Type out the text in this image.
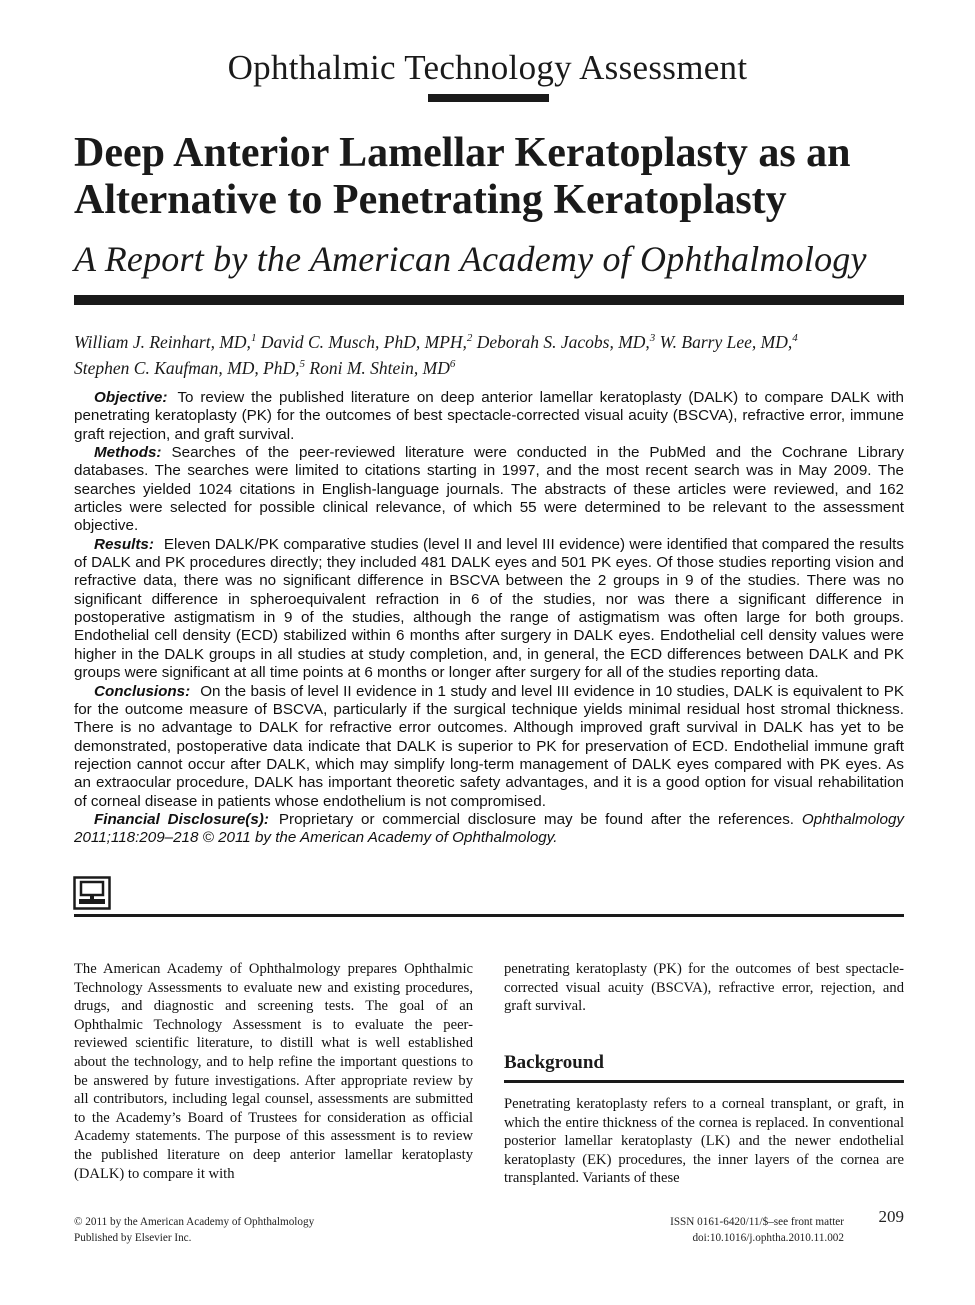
Ophthalmic Technology Assessment
Deep Anterior Lamellar Keratoplasty as an Alternative to Penetrating Keratoplasty
A Report by the American Academy of Ophthalmology
William J. Reinhart, MD,$^1$ David C. Musch, PhD, MPH,$^2$ Deborah S. Jacobs, MD,$^3$ W. Barry Lee, MD,$^4$
Stephen C. Kaufman, MD, PhD,$^5$ Roni M. Shtein, $MD^6$

Objective: To review the published literature on deep anterior lamellar keratoplasty (DALK) to compare DALK with penetrating keratoplasty (PK) for the outcomes of best spectacle-corrected visual acuity (BSCVA), refractive error, immune graft rejection, and graft survival.

Methods: Searches of the peer-reviewed literature were conducted in the PubMed and the Cochrane Library databases. The searches were limited to citations starting in 1997, and the most recent search was in May 2009. The searches yielded 1024 citations in English-language journals. The abstracts of these articles were reviewed, and 162 articles were selected for possible clinical relevance, of which 55 were determined to be relevant to the assessment objective.

Results: Eleven DALK/PK comparative studies (level II and level III evidence) were identified that compared the results of DALK and PK procedures directly; they included 481 DALK eyes and 501 PK eyes. Of those studies reporting vision and refractive data, there was no significant difference in BSCVA between the 2 groups in 9 of the studies. There was no significant difference in spheroequivalent refraction in 6 of the studies, nor was there a significant difference in postoperative astigmatism in 9 of the studies, although the range of astigmatism was often large for both groups. Endothelial cell density (ECD) stabilized within 6 months after surgery in DALK eyes. Endothelial cell density values were higher in the DALK groups in all studies at study completion, and, in general, the ECD differences between DALK and PK groups were significant at all time points at 6 months or longer after surgery for all of the studies reporting data.

Conclusions: On the basis of level II evidence in 1 study and level III evidence in 10 studies, DALK is equivalent to PK for the outcome measure of BSCVA, particularly if the surgical technique yields minimal residual host stromal thickness. There is no advantage to DALK for refractive error outcomes. Although improved graft survival in DALK has yet to be demonstrated, postoperative data indicate that DALK is superior to PK for preservation of ECD. Endothelial immune graft rejection cannot occur after DALK, which may simplify long-term management of DALK eyes compared with PK eyes. As an extraocular procedure, DALK has important theoretic safety advantages, and it is a good option for visual rehabilitation of corneal disease in patients whose endothelium is not compromised.

Financial Disclosure(s): Proprietary or commercial disclosure may be found after the references. Ophthalmology 2011;118:209–218 © 2011 by the American Academy of Ophthalmology.

The American Academy of Ophthalmology prepares Ophthalmic Technology Assessments to evaluate new and existing procedures, drugs, and diagnostic and screening tests. The goal of an Ophthalmic Technology Assessment is to evaluate the peer-reviewed scientific literature, to distill what is well established about the technology, and to help refine the important questions to be answered by future investigations. After appropriate review by all contributors, including legal counsel, assessments are submitted to the Academy’s Board of Trustees for consideration as official Academy statements. The purpose of this assessment is to review the published literature on deep anterior lamellar keratoplasty (DALK) to compare it with
penetrating keratoplasty (PK) for the outcomes of best spectacle-corrected visual acuity (BSCVA), refractive error, rejection, and graft survival.
Background
Penetrating keratoplasty refers to a corneal transplant, or graft, in which the entire thickness of the cornea is replaced. In conventional posterior lamellar keratoplasty (LK) and the newer endothelial keratoplasty (EK) procedures, the inner layers of the cornea are transplanted. Variants of these
© 2011 by the American Academy of Ophthalmology
Published by Elsevier Inc.
ISSN 0161-6420/11/$–see front matter
doi:10.1016/j.ophtha.2010.11.002
209
